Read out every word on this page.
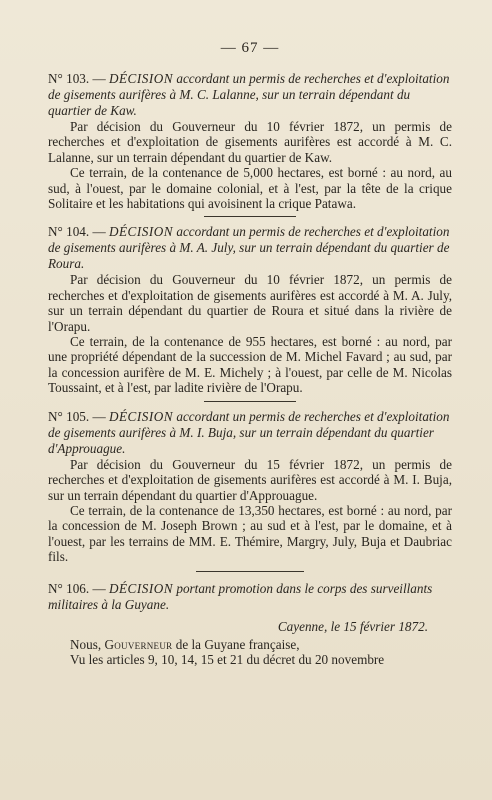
— 67 —

N° 103. — DÉCISION accordant un permis de recherches et d'exploitation de gisements aurifères à M. C. Lalanne, sur un terrain dépendant du quartier de Kaw.

Par décision du Gouverneur du 10 février 1872, un permis de recherches et d'exploitation de gisements aurifères est accordé à M. C. Lalanne, sur un terrain dépendant du quartier de Kaw.

Ce terrain, de la contenance de 5,000 hectares, est borné : au nord, au sud, à l'ouest, par le domaine colonial, et à l'est, par la tête de la crique Solitaire et les habitations qui avoisinent la crique Patawa.

N° 104. — DÉCISION accordant un permis de recherches et d'exploitation de gisements aurifères à M. A. July, sur un terrain dépendant du quartier de Roura.

Par décision du Gouverneur du 10 février 1872, un permis de recherches et d'exploitation de gisements aurifères est accordé à M. A. July, sur un terrain dépendant du quartier de Roura et situé dans la rivière de l'Orapu.

Ce terrain, de la contenance de 955 hectares, est borné : au nord, par une propriété dépendant de la succession de M. Michel Favard ; au sud, par la concession aurifère de M. E. Michely ; à l'ouest, par celle de M. Nicolas Toussaint, et à l'est, par ladite rivière de l'Orapu.

N° 105. — DÉCISION accordant un permis de recherches et d'exploitation de gisements aurifères à M. I. Buja, sur un terrain dépendant du quartier d'Approuague.

Par décision du Gouverneur du 15 février 1872, un permis de recherches et d'exploitation de gisements aurifères est accordé à M. I. Buja, sur un terrain dépendant du quartier d'Approuague.

Ce terrain, de la contenance de 13,350 hectares, est borné : au nord, par la concession de M. Joseph Brown ; au sud et à l'est, par le domaine, et à l'ouest, par les terrains de MM. E. Thémire, Margry, July, Buja et Daubriac fils.

N° 106. — DÉCISION portant promotion dans le corps des surveillants militaires à la Guyane.

Cayenne, le 15 février 1872.

Nous, Gouverneur de la Guyane française,

Vu les articles 9, 10, 14, 15 et 21 du décret du 20 novembre
